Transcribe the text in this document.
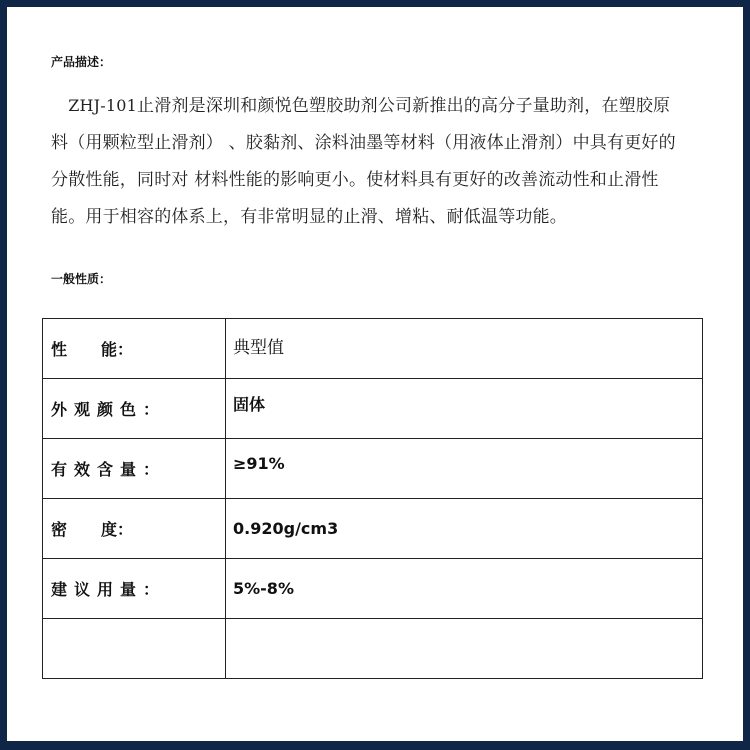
产品描述：

　ZHJ-101止滑剂是深圳和颜悦色塑胶助剂公司新推出的高分子量助剂，在塑胶原料（用颗粒型止滑剂） 、胶黏剂、涂料油墨等材料（用液体止滑剂）中具有更好的分散性能，同时对 材料性能的影响更小。使材料具有更好的改善流动性和止滑性能。用于相容的体系上，有非常明显的止滑、增粘、耐低温等功能。

一般性质：

性 能：	典型值

外观颜色：	固体

有效含量：	≥91%

密 度：	0.920g/cm3
建议用量：	5%-8%
